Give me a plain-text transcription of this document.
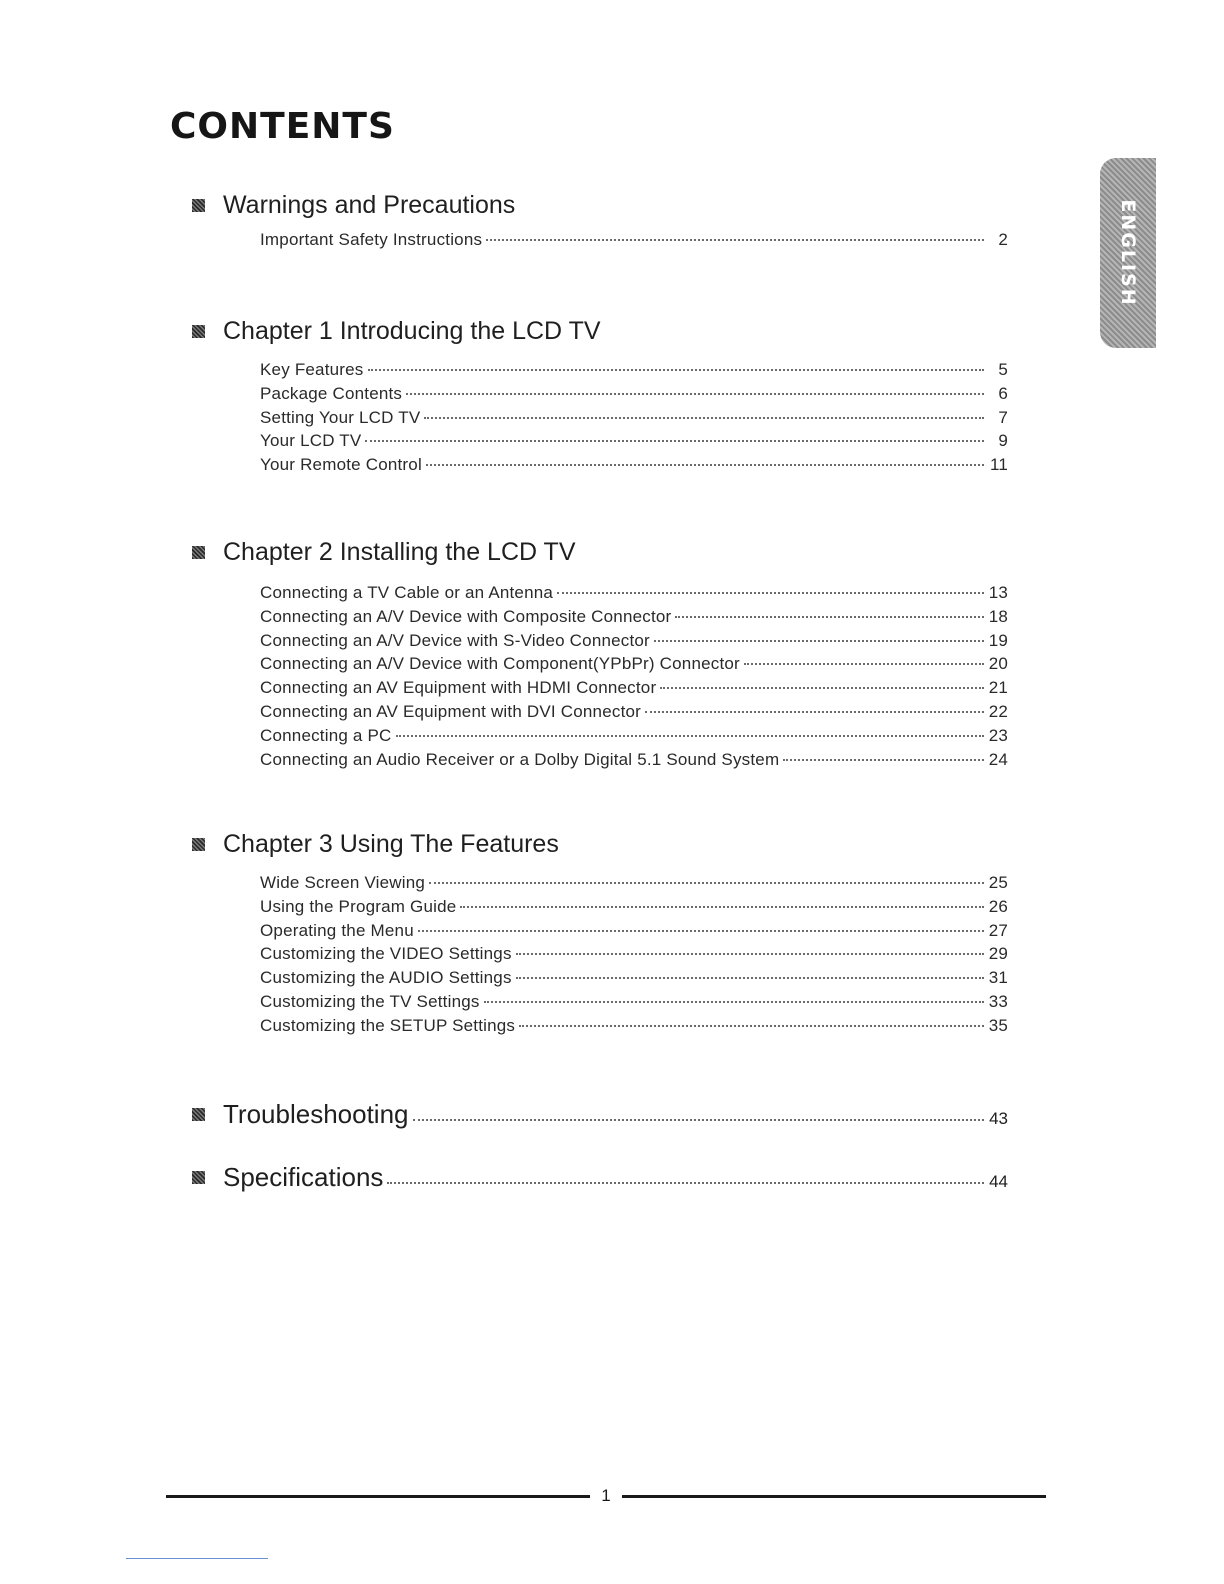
CONTENTS
ENGLISH
Warnings and Precautions
Important Safety Instructions	2
Chapter 1 Introducing the LCD TV
Key Features	5
Package Contents	6
Setting Your LCD TV	7
Your LCD TV	9
Your Remote Control	11
Chapter 2 Installing the LCD TV
Connecting a TV Cable or an Antenna	13
Connecting an A/V Device with Composite Connector	18
Connecting an A/V Device with S-Video Connector	19
Connecting an A/V Device with Component(YPbPr) Connector	20
Connecting an AV Equipment with HDMI Connector	21
Connecting an AV Equipment with DVI Connector	22
Connecting a PC	23
Connecting an Audio Receiver or a Dolby Digital 5.1 Sound System	24
Chapter 3 Using The Features
Wide Screen Viewing	25
Using the Program Guide	26
Operating the Menu	27
Customizing the VIDEO Settings	29
Customizing the AUDIO Settings	31
Customizing the TV Settings	33
Customizing the SETUP Settings	35
Troubleshooting	43
Specifications	44
1
